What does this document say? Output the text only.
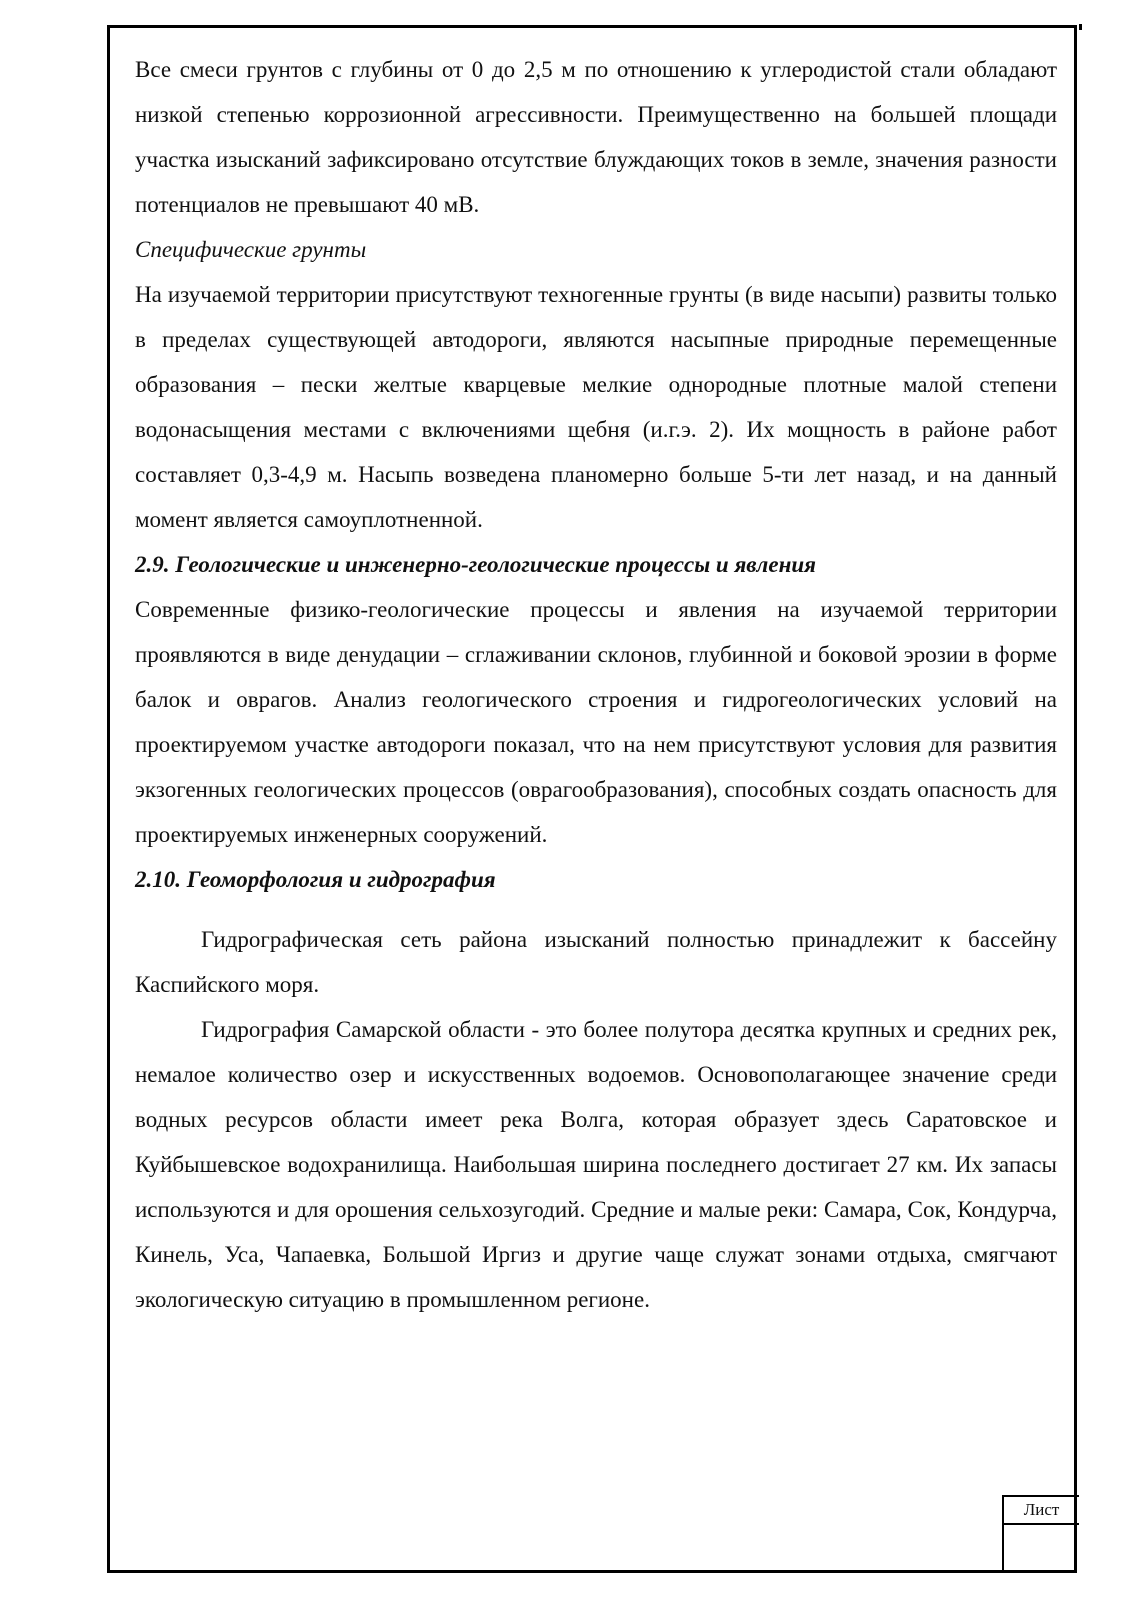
Все смеси грунтов с глубины от 0 до 2,5 м по отношению к углеродистой стали обладают низкой степенью коррозионной агрессивности. Преимущественно на большей площади участка изысканий зафиксировано отсутствие блуждающих токов в земле, значения разности потенциалов не превышают 40 мВ.

Специфические грунты

На изучаемой территории присутствуют техногенные грунты (в виде насыпи) развиты только в пределах существующей автодороги, являются насыпные природные перемещенные образования – пески желтые кварцевые мелкие однородные плотные малой степени водонасыщения местами с включениями щебня (и.г.э. 2). Их мощность в районе работ составляет 0,3-4,9 м. Насыпь возведена планомерно больше 5-ти лет назад, и на данный момент является самоуплотненной.

2.9. Геологические и инженерно-геологические процессы и явления

Современные физико-геологические процессы и явления на изучаемой территории проявляются в виде денудации – сглаживании склонов, глубинной и боковой эрозии в форме балок и оврагов. Анализ геологического строения и гидрогеологических условий на проектируемом участке автодороги показал, что на нем присутствуют условия для развития экзогенных геологических процессов (оврагообразования), способных создать опасность для проектируемых инженерных сооружений.

2.10. Геоморфология и гидрография

Гидрографическая сеть района изысканий полностью принадлежит к бассейну Каспийского моря.

Гидрография Самарской области - это более полутора десятка крупных и средних рек, немалое количество озер и искусственных водоемов. Основополагающее значение среди водных ресурсов области имеет река Волга, которая образует здесь Саратовское и Куйбышевское водохранилища. Наибольшая ширина последнего достигает 27 км. Их запасы используются и для орошения сельхозугодий. Средние и малые реки: Самара, Сок, Кондурча, Кинель, Уса, Чапаевка, Большой Иргиз и другие чаще служат зонами отдыха, смягчают экологическую ситуацию в промышленном регионе.

Лист
